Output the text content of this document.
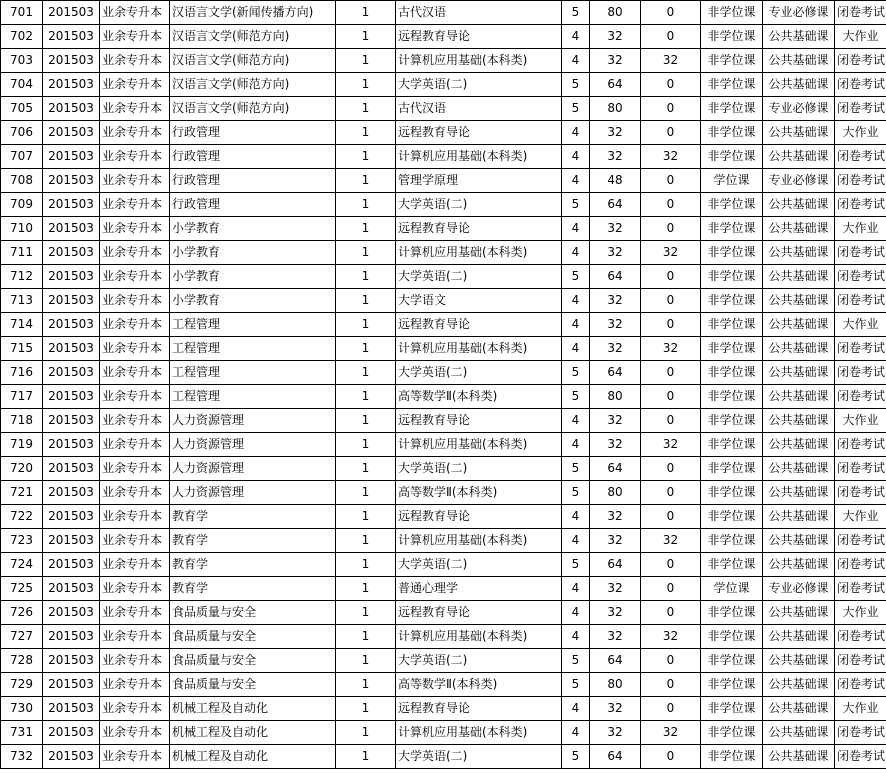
701	201503	业余专升本	汉语言文学(新闻传播方向)	1	古代汉语	5	80	0	非学位课	专业必修课	闭卷考试
702	201503	业余专升本	汉语言文学(师范方向)	1	远程教育导论	4	32	0	非学位课	公共基础课	大作业
703	201503	业余专升本	汉语言文学(师范方向)	1	计算机应用基础(本科类)	4	32	32	非学位课	公共基础课	闭卷考试
704	201503	业余专升本	汉语言文学(师范方向)	1	大学英语(二)	5	64	0	非学位课	公共基础课	闭卷考试
705	201503	业余专升本	汉语言文学(师范方向)	1	古代汉语	5	80	0	非学位课	专业必修课	闭卷考试
706	201503	业余专升本	行政管理	1	远程教育导论	4	32	0	非学位课	公共基础课	大作业
707	201503	业余专升本	行政管理	1	计算机应用基础(本科类)	4	32	32	非学位课	公共基础课	闭卷考试
708	201503	业余专升本	行政管理	1	管理学原理	4	48	0	学位课	专业必修课	闭卷考试
709	201503	业余专升本	行政管理	1	大学英语(二)	5	64	0	非学位课	公共基础课	闭卷考试
710	201503	业余专升本	小学教育	1	远程教育导论	4	32	0	非学位课	公共基础课	大作业
711	201503	业余专升本	小学教育	1	计算机应用基础(本科类)	4	32	32	非学位课	公共基础课	闭卷考试
712	201503	业余专升本	小学教育	1	大学英语(二)	5	64	0	非学位课	公共基础课	闭卷考试
713	201503	业余专升本	小学教育	1	大学语文	4	32	0	非学位课	公共基础课	闭卷考试
714	201503	业余专升本	工程管理	1	远程教育导论	4	32	0	非学位课	公共基础课	大作业
715	201503	业余专升本	工程管理	1	计算机应用基础(本科类)	4	32	32	非学位课	公共基础课	闭卷考试
716	201503	业余专升本	工程管理	1	大学英语(二)	5	64	0	非学位课	公共基础课	闭卷考试
717	201503	业余专升本	工程管理	1	高等数学Ⅱ(本科类)	5	80	0	非学位课	公共基础课	闭卷考试
718	201503	业余专升本	人力资源管理	1	远程教育导论	4	32	0	非学位课	公共基础课	大作业
719	201503	业余专升本	人力资源管理	1	计算机应用基础(本科类)	4	32	32	非学位课	公共基础课	闭卷考试
720	201503	业余专升本	人力资源管理	1	大学英语(二)	5	64	0	非学位课	公共基础课	闭卷考试
721	201503	业余专升本	人力资源管理	1	高等数学Ⅱ(本科类)	5	80	0	非学位课	公共基础课	闭卷考试
722	201503	业余专升本	教育学	1	远程教育导论	4	32	0	非学位课	公共基础课	大作业
723	201503	业余专升本	教育学	1	计算机应用基础(本科类)	4	32	32	非学位课	公共基础课	闭卷考试
724	201503	业余专升本	教育学	1	大学英语(二)	5	64	0	非学位课	公共基础课	闭卷考试
725	201503	业余专升本	教育学	1	普通心理学	4	32	0	学位课	专业必修课	闭卷考试
726	201503	业余专升本	食品质量与安全	1	远程教育导论	4	32	0	非学位课	公共基础课	大作业
727	201503	业余专升本	食品质量与安全	1	计算机应用基础(本科类)	4	32	32	非学位课	公共基础课	闭卷考试
728	201503	业余专升本	食品质量与安全	1	大学英语(二)	5	64	0	非学位课	公共基础课	闭卷考试
729	201503	业余专升本	食品质量与安全	1	高等数学Ⅱ(本科类)	5	80	0	非学位课	公共基础课	闭卷考试
730	201503	业余专升本	机械工程及自动化	1	远程教育导论	4	32	0	非学位课	公共基础课	大作业
731	201503	业余专升本	机械工程及自动化	1	计算机应用基础(本科类)	4	32	32	非学位课	公共基础课	闭卷考试
732	201503	业余专升本	机械工程及自动化	1	大学英语(二)	5	64	0	非学位课	公共基础课	闭卷考试
